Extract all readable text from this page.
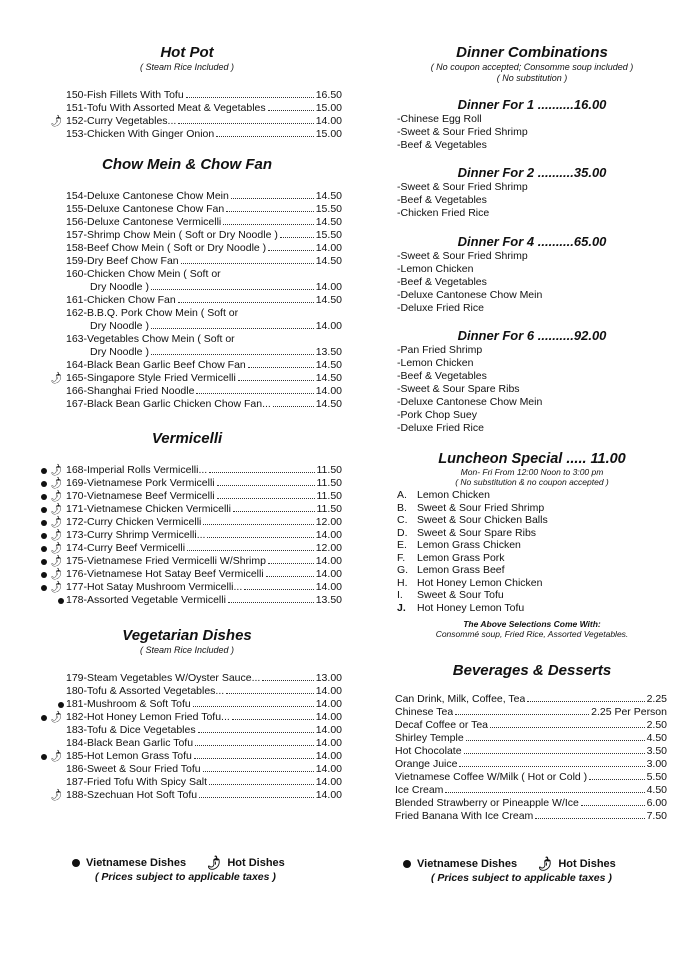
Hot Pot
( Steam Rice Included )
150-Fish Fillets With Tofu	16.50
151-Tofu With Assorted Meat & Vegetables	15.00
🌶︎ 152-Curry Vegetables...	14.00
153-Chicken With Ginger Onion	15.00
Chow Mein & Chow Fan
154-Deluxe Cantonese Chow Mein	14.50
155-Deluxe Cantonese Chow Fan	15.50
156-Deluxe Cantonese Vermicelli	14.50
157-Shrimp Chow Mein ( Soft or Dry Noodle )	15.50
158-Beef Chow Mein ( Soft or Dry Noodle )	14.00
159-Dry Beef Chow Fan	14.50
160-Chicken Chow Mein ( Soft or
Dry Noodle )	14.00
161-Chicken Chow Fan	14.50
162-B.B.Q. Pork Chow Mein ( Soft or
Dry Noodle )	14.00
163-Vegetables Chow Mein ( Soft or
Dry Noodle )	13.50
164-Black Bean Garlic Beef Chow Fan	14.50
🌶︎ 165-Singapore Style Fried Vermicelli	14.50
166-Shanghai Fried Noodle	14.00
167-Black Bean Garlic Chicken Chow Fan...	14.50
Vermicelli
🌶︎ 168-Imperial Rolls Vermicelli...	11.50
🌶︎ 169-Vietnamese Pork Vermicelli	11.50
🌶︎ 170-Vietnamese Beef Vermicelli	11.50
🌶︎ 171-Vietnamese Chicken Vermicelli	11.50
🌶︎ 172-Curry Chicken Vermicelli	12.00
🌶︎ 173-Curry Shrimp Vermicelli...	14.00
🌶︎ 174-Curry Beef Vermicelli	12.00
🌶︎ 175-Vietnamese Fried Vermicelli W/Shrimp	14.00
🌶︎ 176-Vietnamese Hot Satay Beef Vermicelli	14.00
🌶︎ 177-Hot Satay Mushroom Vermicelli...	14.00
178-Assorted Vegetable Vermicelli	13.50
Vegetarian Dishes
( Steam Rice Included )
179-Steam Vegetables W/Oyster Sauce...	13.00
180-Tofu & Assorted Vegetables...	14.00
181-Mushroom & Soft Tofu	14.00
🌶︎ 182-Hot Honey Lemon Fried Tofu...	14.00
183-Tofu & Dice Vegetables	14.00
184-Black Bean Garlic Tofu	14.00
🌶︎ 185-Hot Lemon Grass Tofu	14.00
186-Sweet & Sour Fried Tofu	14.00
187-Fried Tofu With Spicy Salt	14.00
🌶︎ 188-Szechuan Hot Soft Tofu	14.00
Dinner Combinations
( No coupon accepted; Consomme soup included )
( No substitution )
Dinner For 1 ..........16.00
-Chinese Egg Roll
-Sweet & Sour Fried Shrimp
-Beef & Vegetables
Dinner For 2 ..........35.00
-Sweet & Sour Fried Shrimp
-Beef & Vegetables
-Chicken Fried Rice
Dinner For 4 ..........65.00
-Sweet & Sour Fried Shrimp
-Lemon Chicken
-Beef & Vegetables
-Deluxe Cantonese Chow Mein
-Deluxe Fried Rice
Dinner For 6 ..........92.00
-Pan Fried Shrimp
-Lemon Chicken
-Beef & Vegetables
-Sweet & Sour Spare Ribs
-Deluxe Cantonese Chow Mein
-Pork Chop Suey
-Deluxe Fried Rice
Luncheon Special ..... 11.00
Mon- Fri From 12:00 Noon to 3:00 pm
( No substitution & no coupon accepted )
A. Lemon Chicken
B. Sweet & Sour Fried Shrimp
C. Sweet & Sour Chicken Balls
D. Sweet & Sour Spare Ribs
E. Lemon Grass Chicken
F.	Lemon Grass Pork
G. Lemon Grass Beef
H. Hot Honey Lemon Chicken
I.	Sweet & Sour Tofu
J.	Hot Honey Lemon Tofu
The Above Selections Come With:
Consommé soup, Fried Rice, Assorted Vegetables.
Beverages & Desserts
Can Drink, Milk, Coffee, Tea	2.25
Chinese Tea	2.25 Per Person
Decaf Coffee or Tea	2.50
Shirley Temple	4.50
Hot Chocolate	3.50
Orange Juice	3.00
Vietnamese Coffee W/Milk ( Hot or Cold )	5.50
Ice Cream	4.50
Blended Strawberry or Pineapple W/Ice	6.00
Fried Banana With Ice Cream	7.50
Vietnamese Dishes 🌶︎ Hot Dishes
( Prices subject to applicable taxes )
Vietnamese Dishes 🌶︎ Hot Dishes
( Prices subject to applicable taxes )
